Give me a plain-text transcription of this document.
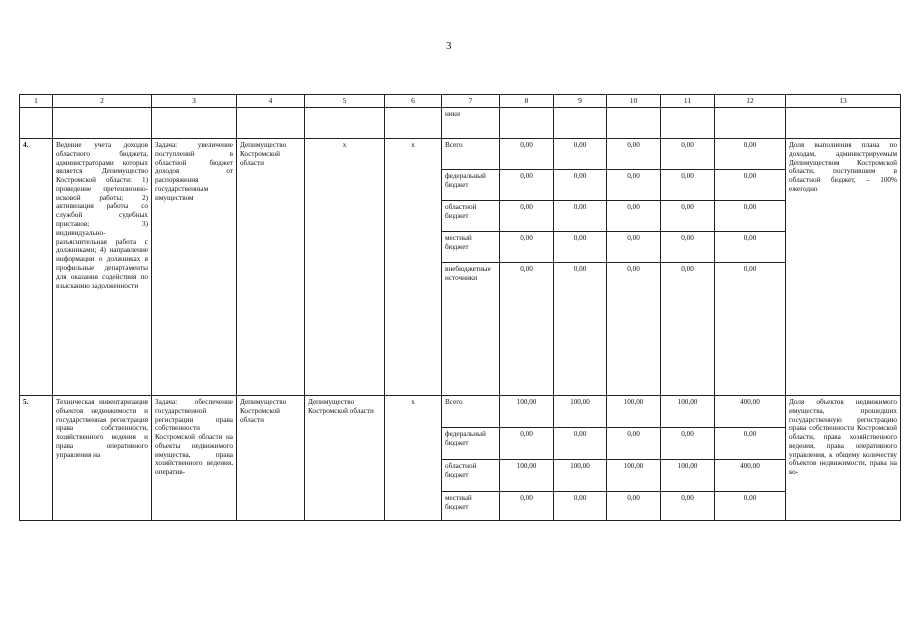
3
1	2	3	4	5	6	7	8	9	10	11	12	13
						ники						
4.	Ведение учета доходов областного бюджета, администраторами которых является Депимущество Костромской области: 1) проведение претензионно-исковой работы; 2) активизация работы со службой судебных приставов; 3) индивидуально-разъяснительная работа с должниками; 4) направление информации о должниках в профильные департаменты для оказания содействия по взысканию задолженности	Задача: увеличение поступлений в областной бюджет доходов от распоряжения государственным имуществом	Депимущество Костромской области	х	х	Всего	0,00	0,00	0,00	0,00	0,00	Доля выполнения плана по доходам, администрируемым Депимуществом Костромской области, поступившим в областной бюджет, – 100% ежегодно
						федеральный бюджет	0,00	0,00	0,00	0,00	0,00	
						областной бюджет	0,00	0,00	0,00	0,00	0,00	
						местный бюджет	0,00	0,00	0,00	0,00	0,00	
						внебюджетные источники	0,00	0,00	0,00	0,00	0,00	
5.	Техническая инвентаризация объектов недвижимости и государственная регистрация права собственности, хозяйственного ведения и права оперативного управления на	Задача: обеспечение государственной регистрации права собственности Костромской области на объекты недвижимого имущества, права хозяйственного ведения, оператив-	Депимущество Костромской области	Депимущество Костромской области	х	Всего	100,00	100,00	100,00	100,00	400,00	Доля объектов недвижимого имущества, прошедших государственную регистрацию права собственности Костромской области, права хозяйственного ведения, права оперативного управления, к общему количеству объектов недвижимости, права на ко-
						федеральный бюджет	0,00	0,00	0,00	0,00	0,00	
						областной бюджет	100,00	100,00	100,00	100,00	400,00	
						местный бюджет	0,00	0,00	0,00	0,00	0,00	
